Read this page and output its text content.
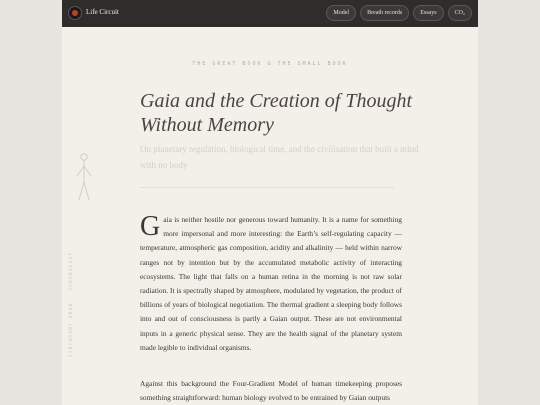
Life Circuit	Model	Breath records	Essays	CO₂
THE GREAT BOOK & THE SMALL BOOK
Gaia and the Creation of Thought
Without Memory
On planetary regulation, biological time, and the civilisation that built a mind with no body
SYNCHRONY DRAW · CHRONOLOGY
Gaia is neither hostile nor generous toward humanity. It is a name for something more impersonal and more interesting: the Earth’s self-regulating capacity — temperature, atmospheric gas composition, acidity and alkalinity — held within narrow ranges not by intention but by the accumulated metabolic activity of interacting ecosystems. The light that falls on a human retina in the morning is not raw solar radiation. It is spectrally shaped by atmosphere, modulated by vegetation, the product of billions of years of biological negotiation. The thermal gradient a sleeping body follows into and out of consciousness is partly a Gaian output. These are not environmental inputs in a generic physical sense. They are the health signal of the planetary system made legible to individual organisms.
Against this background the Four-Gradient Model of human timekeeping proposes something straightforward: human biology evolved to be entrained by Gaian outputs
